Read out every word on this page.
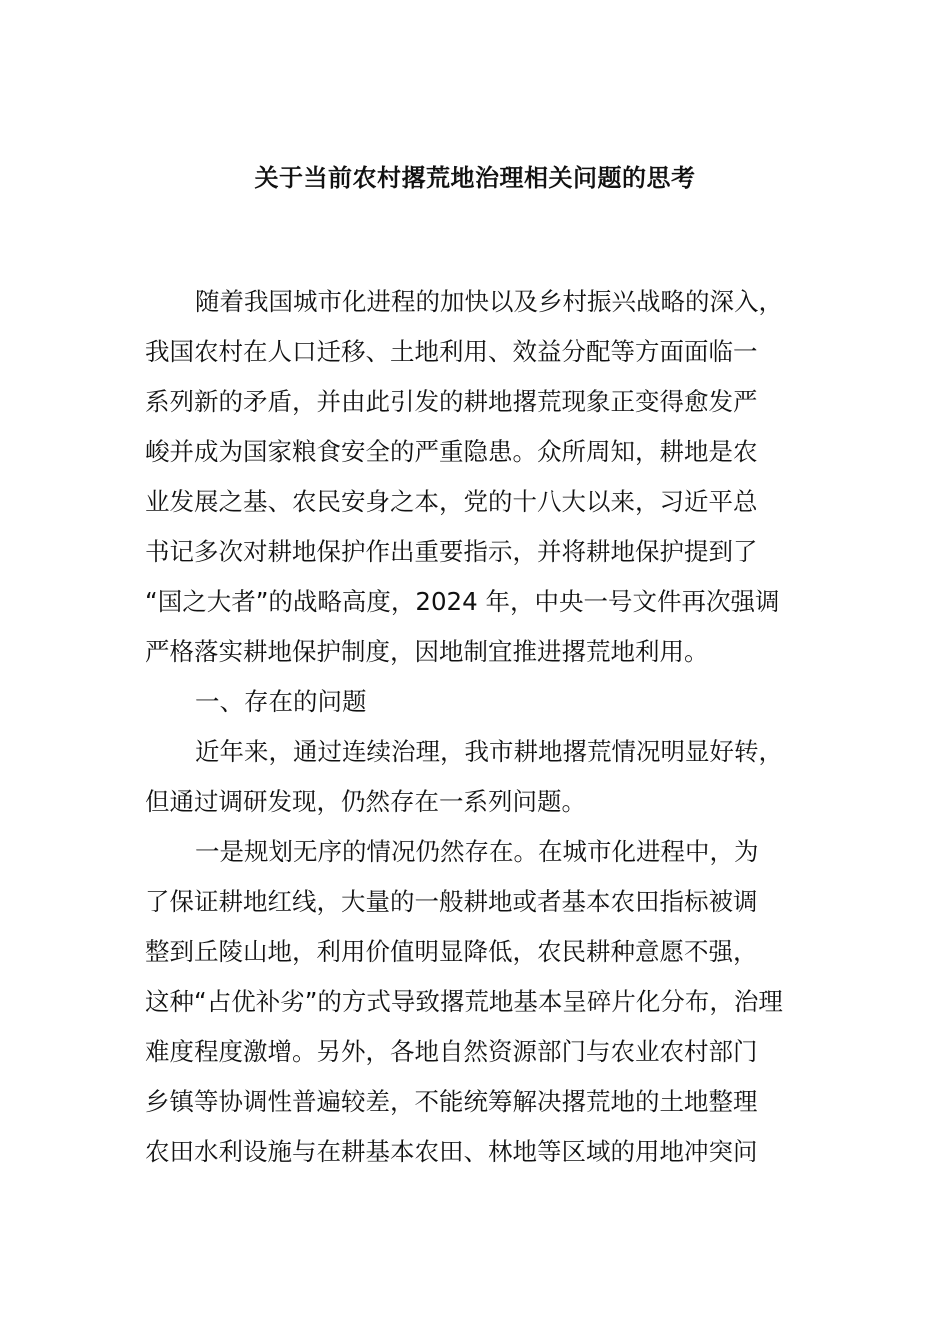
关于当前农村撂荒地治理相关问题的思考
随着我国城市化进程的加快以及乡村振兴战略的深入，
我国农村在人口迁移、土地利用、效益分配等方面面临一
系列新的矛盾，并由此引发的耕地撂荒现象正变得愈发严
峻并成为国家粮食安全的严重隐患。众所周知，耕地是农
业发展之基、农民安身之本，党的十八大以来，习近平总
书记多次对耕地保护作出重要指示，并将耕地保护提到了
“国之大者”的战略高度，2024 年，中央一号文件再次强调
严格落实耕地保护制度，因地制宜推进撂荒地利用。
一、存在的问题
近年来，通过连续治理，我市耕地撂荒情况明显好转，
但通过调研发现，仍然存在一系列问题。
一是规划无序的情况仍然存在。在城市化进程中，为
了保证耕地红线，大量的一般耕地或者基本农田指标被调
整到丘陵山地，利用价值明显降低，农民耕种意愿不强，
这种“占优补劣”的方式导致撂荒地基本呈碎片化分布，治理
难度程度激增。另外，各地自然资源部门与农业农村部门
乡镇等协调性普遍较差，不能统筹解决撂荒地的土地整理
农田水利设施与在耕基本农田、林地等区域的用地冲突问
